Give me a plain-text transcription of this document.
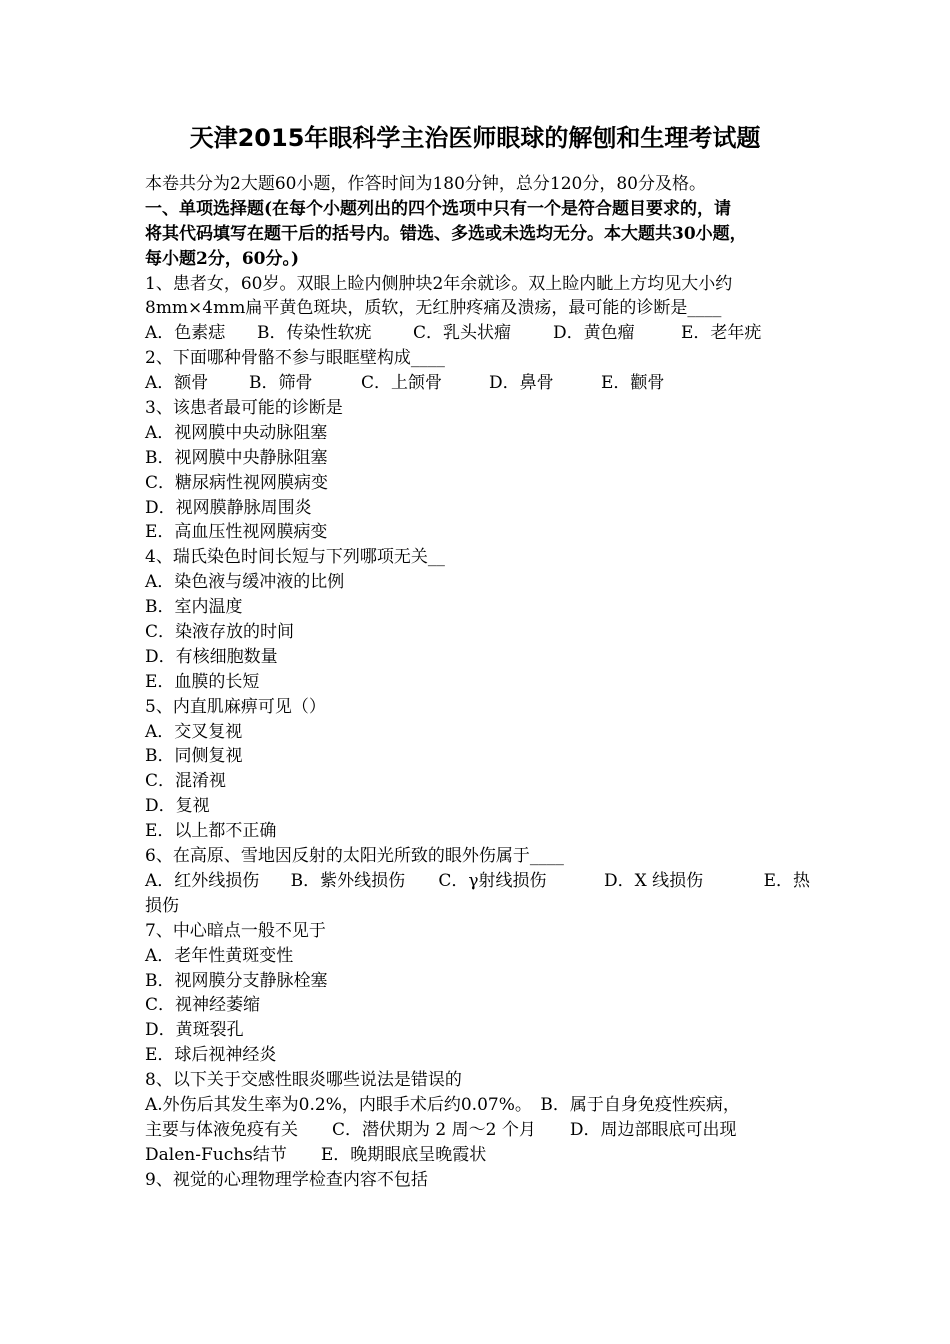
天津2015年眼科学主治医师眼球的解刨和生理考试题
本卷共分为2大题60小题，作答时间为180分钟，总分120分，80分及格。
一、单项选择题(在每个小题列出的四个选项中只有一个是符合题目要求的，请
将其代码填写在题干后的括号内。错选、多选或未选均无分。本大题共30小题，
每小题2分，60分。)
1、患者女，60岁。双眼上睑内侧肿块2年余就诊。双上睑内眦上方均见大小约
8mm×4mm扁平黄色斑块，质软，无红肿疼痛及溃疡，最可能的诊断是____
A．色素痣	B．传染性软疣	C．乳头状瘤	D．黄色瘤	E．老年疣
2、下面哪种骨骼不参与眼眶壁构成____
A．额骨	B．筛骨	C．上颌骨	D．鼻骨	E．颧骨
3、该患者最可能的诊断是
A．视网膜中央动脉阻塞
B．视网膜中央静脉阻塞
C．糖尿病性视网膜病变
D．视网膜静脉周围炎
E．高血压性视网膜病变
4、瑞氏染色时间长短与下列哪项无关__
A．染色液与缓冲液的比例
B．室内温度
C．染液存放的时间
D．有核细胞数量
E．血膜的长短
5、内直肌麻痹可见（）
A．交叉复视
B．同侧复视
C．混淆视
D．复视
E．以上都不正确
6、在高原、雪地因反射的太阳光所致的眼外伤属于____
A．红外线损伤	B．紫外线损伤	C．γ射线损伤	D．X 线损伤	E．热
损伤
7、中心暗点一般不见于
A．老年性黄斑变性
B．视网膜分支静脉栓塞
C．视神经萎缩
D．黄斑裂孔
E．球后视神经炎
8、以下关于交感性眼炎哪些说法是错误的
A.外伤后其发生率为0.2%，内眼手术后约0.07%。　B．属于自身免疫性疾病，
主要与体液免疫有关　　C．潜伏期为 2 周～2 个月　　D．周边部眼底可出现
Dalen-Fuchs结节　　E．晚期眼底呈晚霞状
9、视觉的心理物理学检查内容不包括
